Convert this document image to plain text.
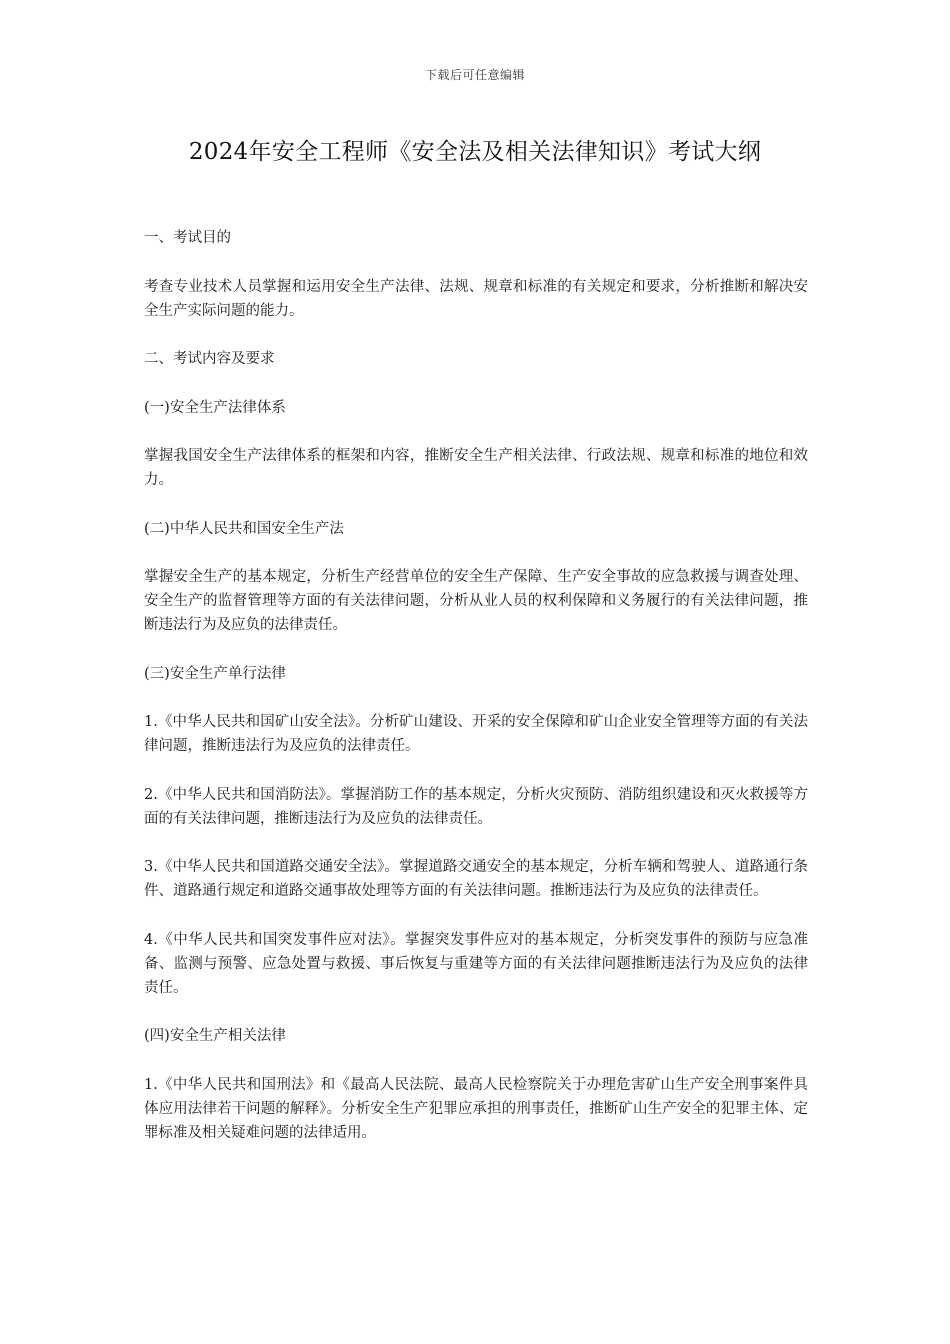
下载后可任意编辑
2024年安全工程师《安全法及相关法律知识》考试大纲

一、考试目的

考查专业技术人员掌握和运用安全生产法律、法规、规章和标准的有关规定和要求，分析推断和解决安全生产实际问题的能力。

二、考试内容及要求

(一)安全生产法律体系

掌握我国安全生产法律体系的框架和内容，推断安全生产相关法律、行政法规、规章和标准的地位和效力。

(二)中华人民共和国安全生产法

掌握安全生产的基本规定，分析生产经营单位的安全生产保障、生产安全事故的应急救援与调查处理、安全生产的监督管理等方面的有关法律问题，分析从业人员的权利保障和义务履行的有关法律问题，推断违法行为及应负的法律责任。

(三)安全生产单行法律

1.《中华人民共和国矿山安全法》。分析矿山建设、开采的安全保障和矿山企业安全管理等方面的有关法律问题，推断违法行为及应负的法律责任。

2.《中华人民共和国消防法》。掌握消防工作的基本规定，分析火灾预防、消防组织建设和灭火救援等方面的有关法律问题，推断违法行为及应负的法律责任。

3.《中华人民共和国道路交通安全法》。掌握道路交通安全的基本规定，分析车辆和驾驶人、道路通行条件、道路通行规定和道路交通事故处理等方面的有关法律问题。推断违法行为及应负的法律责任。

4.《中华人民共和国突发事件应对法》。掌握突发事件应对的基本规定，分析突发事件的预防与应急准备、监测与预警、应急处置与救援、事后恢复与重建等方面的有关法律问题推断违法行为及应负的法律责任。

(四)安全生产相关法律

1.《中华人民共和国刑法》和《最高人民法院、最高人民检察院关于办理危害矿山生产安全刑事案件具体应用法律若干问题的解释》。分析安全生产犯罪应承担的刑事责任，推断矿山生产安全的犯罪主体、定罪标准及相关疑难问题的法律适用。
